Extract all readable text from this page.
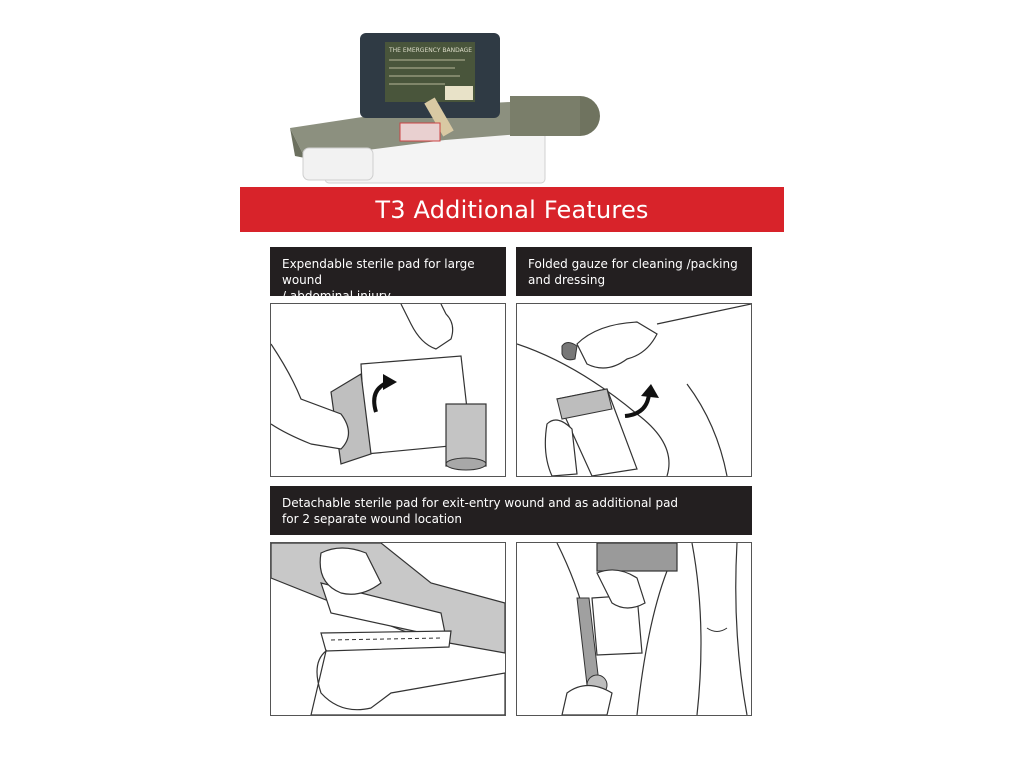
THE EMERGENCY BANDAGE
T3 Additional Features
Expendable sterile pad for large wound
/ abdominal injury
Folded gauze for cleaning /packing
and dressing
Detachable sterile pad for exit-entry wound and as additional pad
for 2 separate wound location
